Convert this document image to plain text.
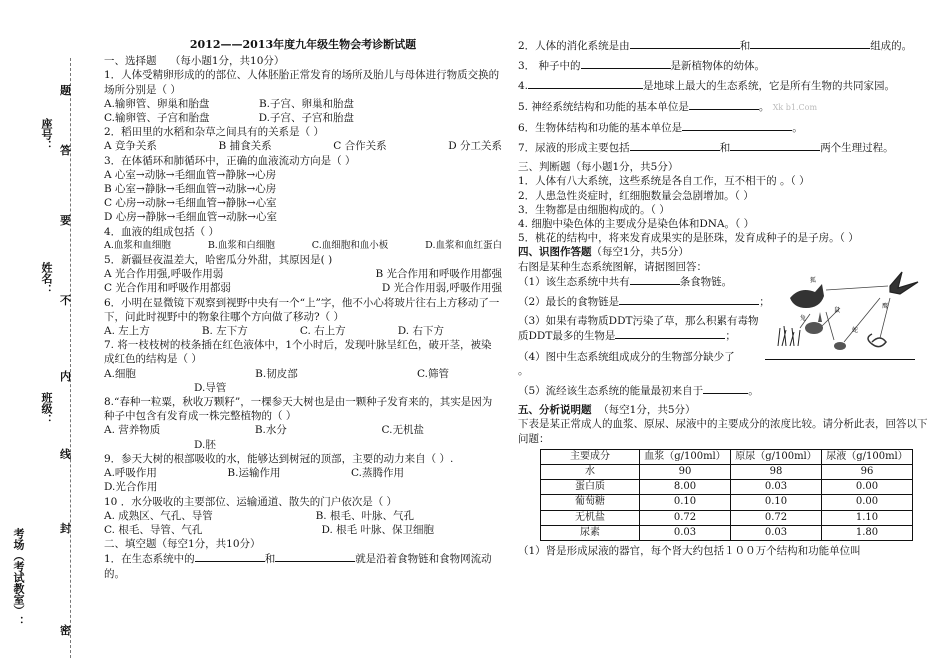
座号：
姓名：
班级：
考场（考试教室）：
题
答
要
不
内
线
封
密
2012——2013年度九年级生物会考诊断试题

一、选择题 （每小题1分，共10分）

1．人体受精卵形成的的部位、人体胚胎正常发育的场所及胎儿与母体进行物质交换的场所分别是（ ）

A.输卵管、卵巢和胎盘	B.子宫、卵巢和胎盘
C.输卵管、子宫和胎盘	D.子宫、子宫和胎盘

2．稻田里的水稻和杂草之间具有的关系是（ ）

A 竞争关系	B 捕食关系	C 合作关系	D 分工关系

3．在体循环和肺循环中，正确的血液流动方向是（ ）

A 心室→动脉→毛细血管→静脉→心房

B 心室→静脉→毛细血管→动脉→心房

C 心房→动脉→毛细血管→静脉→心室

D 心房→静脉→毛细血管→动脉→心室

4．血液的组成包括（ ）

A.血浆和血细胞	B.血浆和白细胞	C.血细胞和血小板	D.血浆和血红蛋白

5．新疆昼夜温差大，哈密瓜分外甜，其原因是( )

A 光合作用强,呼吸作用弱	B 光合作用和呼吸作用都强
C 光合作用和呼吸作用都弱	D 光合作用弱,呼吸作用强

6．小明在显微镜下观察到视野中央有一个“上”字，他不小心将玻片往右上方移动了一下，问此时视野中的物象往哪个方向做了移动?（ ）

A. 左上方	B. 左下方	C. 右上方	D. 右下方

7. 将一枝枝树的枝条插在红色液体中，1个小时后，发现叶脉呈红色，破开茎，被染成红色的结构是（ ）

A.细胞	B.韧皮部	C.筛管

D.导管

8.“春种一粒粟，秋收万颗籽”，一棵参天大树也是由一颗种子发育来的，其实是因为种子中包含有发育成一株完整植物的（ ）

A. 营养物质	B.水分	C.无机盐

D.胚

9．参天大树的根部吸收的水，能够达到树冠的顶部，主要的动力来自（ ）.

A.呼吸作用	B.运输作用	C.蒸腾作用

D.光合作用

10 ．水分吸收的主要部位、运输通道、散失的门户依次是（ ）

A. 成熟区、气孔、导管	B. 根毛、叶脉、气孔
C. 根毛、导管、气孔	D. 根毛 叶脉、保卫细胞

二、填空题（每空1分，共10分）

1．在生态系统中的	和	就是沿着食物链和食物网流动的。

2．人体的消化系统是由	和	组成的。

3． 种子中的	是新植物体的幼体。

4.	是地球上最大的生态系统，它是所有生物的共同家园。

5. 神经系统结构和功能的基本单位是	。 Xk b1.Com

6．生物体结构和功能的基本单位是	。

7．尿液的形成主要包括	和	两个生理过程。

三、判断题（每小题1分，共5分）

1．人体有八大系统，这些系统是各自工作，互不相干的 。（ ）

2．人患急性炎症时，红细胞数量会急剧增加。（ ）

3．生物都是由细胞构成的。（ ）

4. 细胞中染色体的主要成分是染色体和DNA。（ ）

5．桃花的结构中，将来发育成果实的是胚珠，发育成种子的是子房。（ ）

四、识图作答题（每空1分，共5分）

右图是某种生态系统图解，请据图回答：

（1）该生态系统中共有	条食物链。

（2）最长的食物链是	；

（3）如果有毒物质DDT污染了草，那么积累有毒物质DDT最多的生物是	；

（4）图中生态系统组成成分的生物部分缺少了

。

（5）流经该生态系统的能量最初来自于	。

五、分析说明题 （每空1分，共5分）

下表是某正常成人的血浆、原尿、尿液中的主要成分的浓度比较。请分析此表，回答以下问题：

主要成分	血浆（g/100ml）	原尿（g/100ml）	尿液（g/100ml）
水	90	98	96
蛋白质	8.00	0.03	0.00
葡萄糖	0.10	0.10	0.00
无机盐	0.72	0.72	1.10
尿素	0.03	0.03	1.80

（1）肾是形成尿液的器官，每个肾大约包括１００万个结构和功能单位叫

鼠
蛇
兔
鹰
狐
